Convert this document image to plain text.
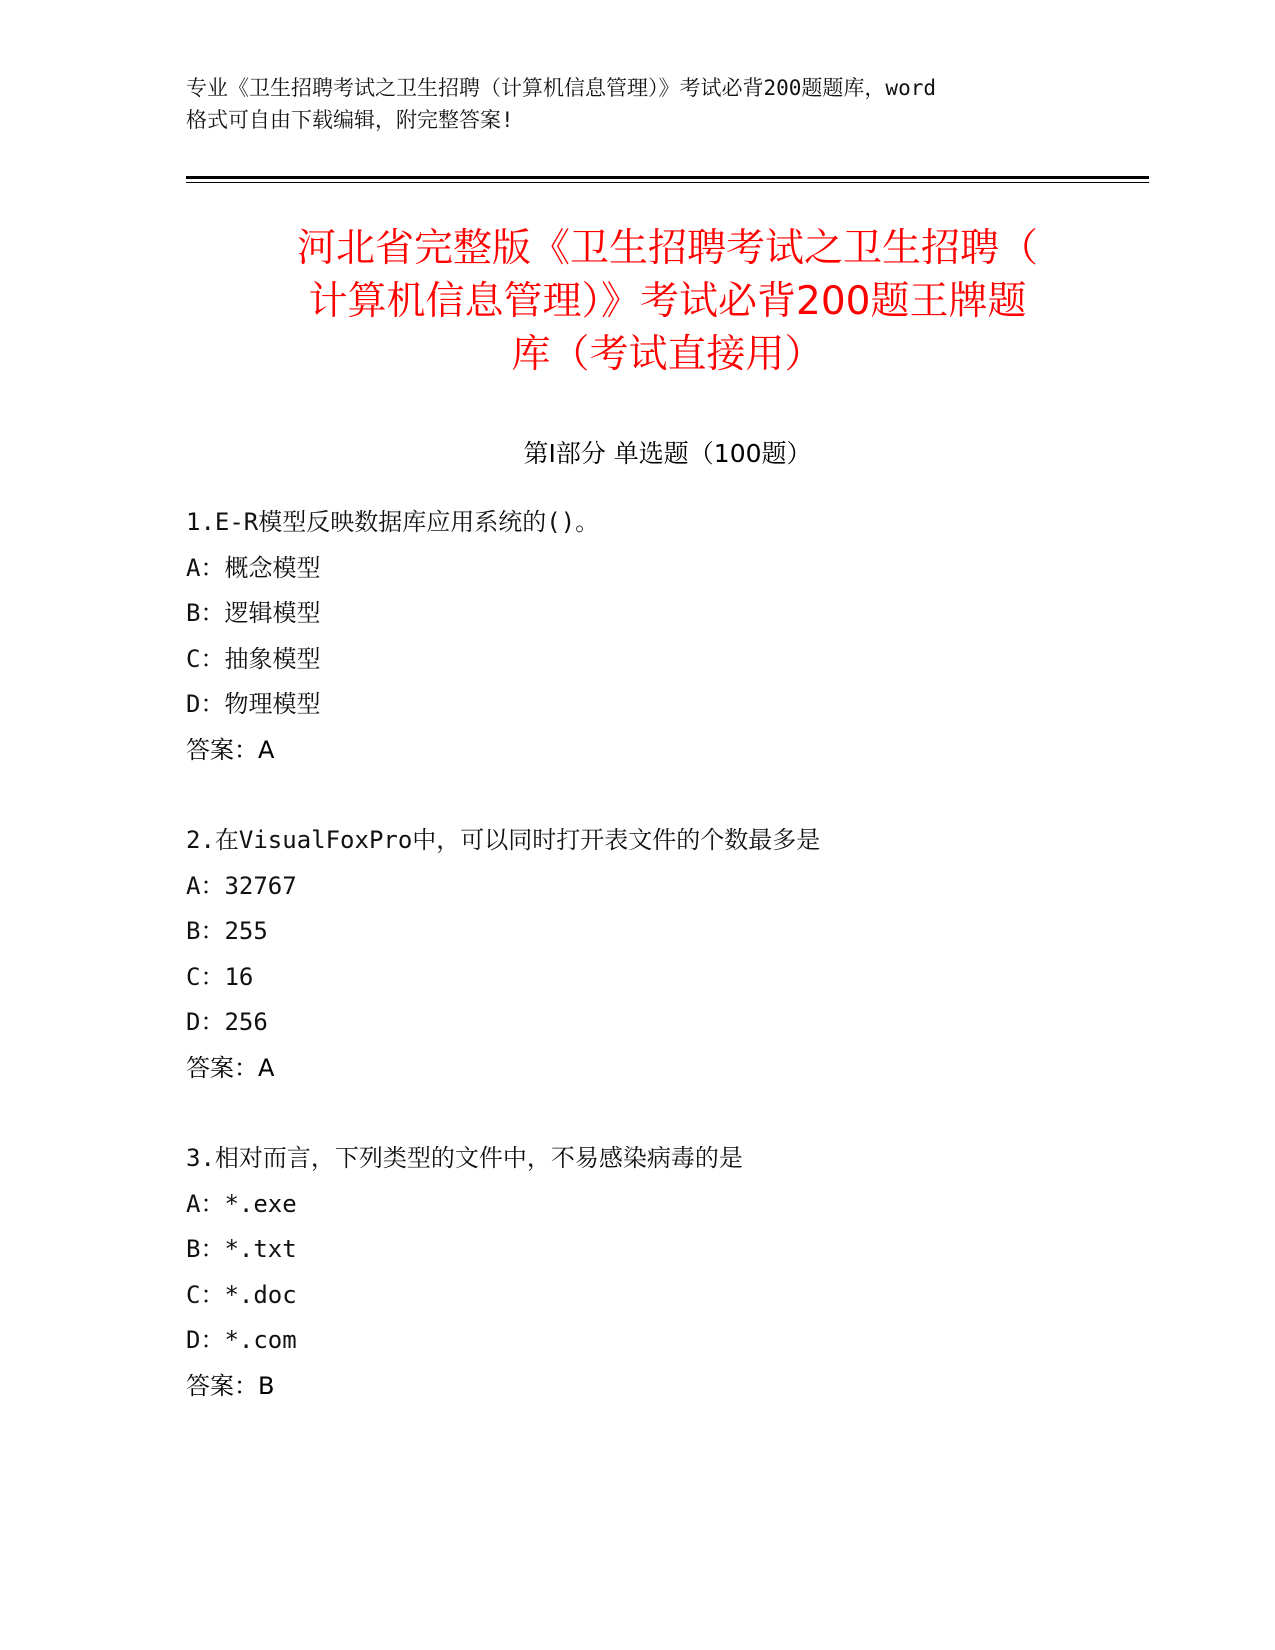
专业《卫生招聘考试之卫生招聘（计算机信息管理）》考试必背200题题库，word
格式可自由下载编辑，附完整答案!
河北省完整版《卫生招聘考试之卫生招聘（
计算机信息管理）》考试必背200题王牌题
库（考试直接用）
第Ⅰ部分 单选题（100题）
1.E-R模型反映数据库应用系统的()。
A：概念模型
B：逻辑模型
C：抽象模型
D：物理模型
答案：A
2.在VisualFoxPro中，可以同时打开表文件的个数最多是
A：32767
B：255
C：16
D：256
答案：A
3.相对而言，下列类型的文件中，不易感染病毒的是
A：*.exe
B：*.txt
C：*.doc
D：*.com
答案：B
